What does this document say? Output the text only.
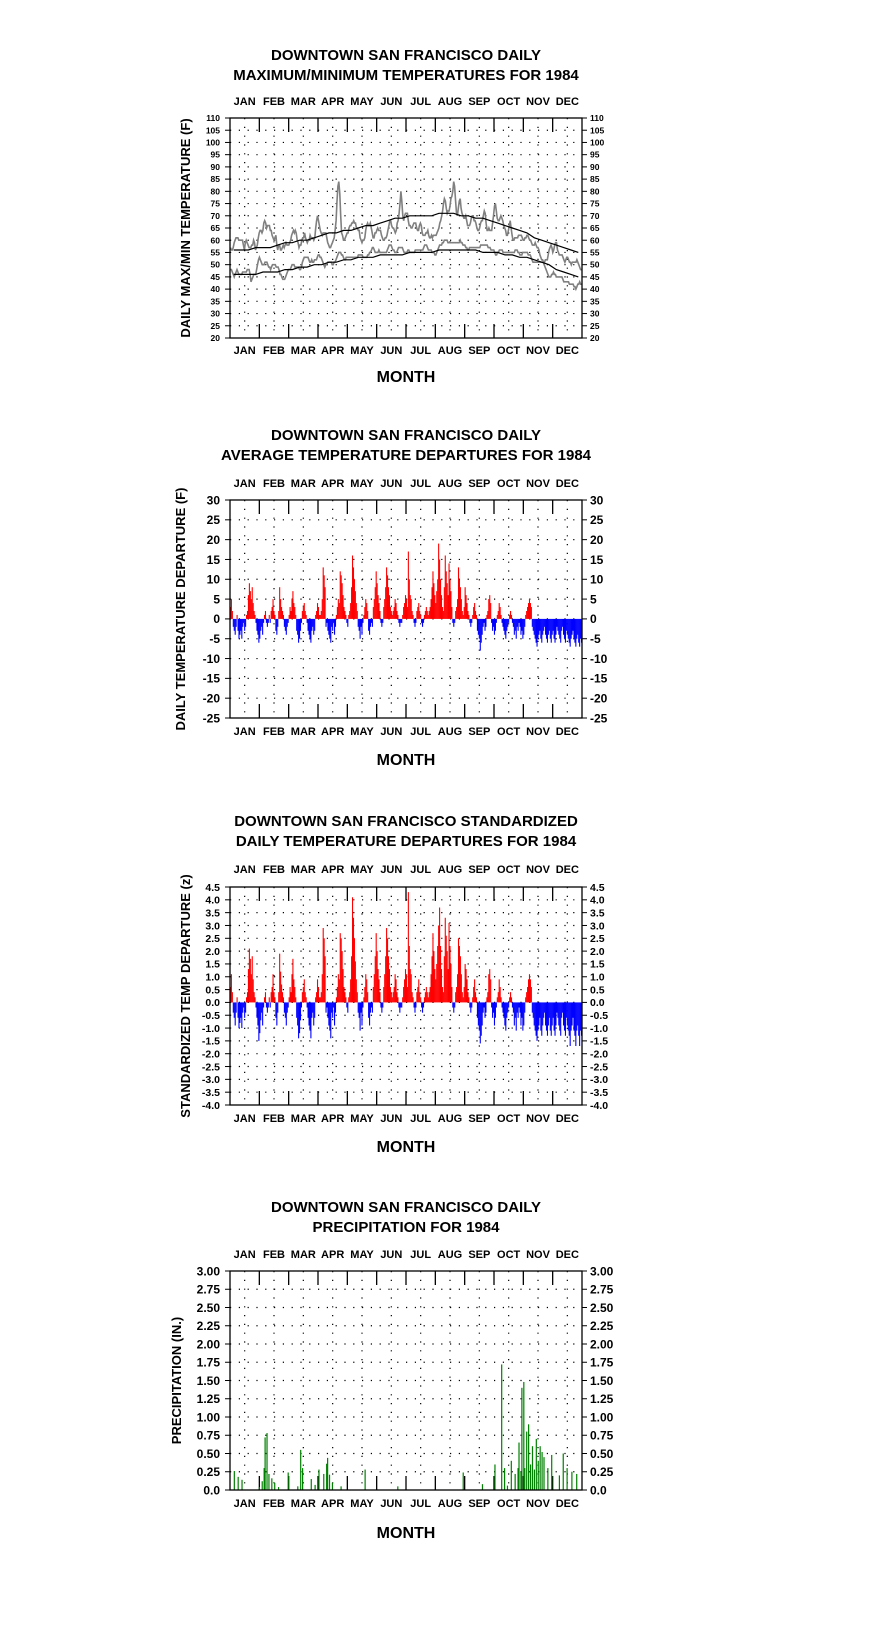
DOWNTOWN SAN FRANCISCO DAILY
MAXIMUM/MINIMUM TEMPERATURES FOR 1984
DAILY MAX/MIN TEMPERATURE (F)
MONTH
JAN
JAN
FEB
FEB
MAR
MAR
APR
APR
MAY
MAY
JUN
JUN
JUL
JUL
AUG
AUG
SEP
SEP
OCT
OCT
NOV
NOV
DEC
DEC
20	20
25	25
30	30
35	35
40	40
45	45
50	50
55	55
60	60
65	65
70	70
75	75
80	80
85	85
90	90
95	95
100	100
105	105
110	110
DOWNTOWN SAN FRANCISCO DAILY
AVERAGE TEMPERATURE DEPARTURES FOR 1984
DAILY TEMPERATURE DEPARTURE (F)
MONTH
JAN
JAN
FEB
FEB
MAR
MAR
APR
APR
MAY
MAY
JUN
JUN
JUL
JUL
AUG
AUG
SEP
SEP
OCT
OCT
NOV
NOV
DEC
DEC
-25	-25
-20	-20
-15	-15
-10	-10
-5	-5
0	0
5	5
10	10
15	15
20	20
25	25
30	30
DOWNTOWN SAN FRANCISCO STANDARDIZED
DAILY TEMPERATURE DEPARTURES FOR 1984
STANDARDIZED TEMP DEPARTURE (z)
MONTH
JAN
JAN
FEB
FEB
MAR
MAR
APR
APR
MAY
MAY
JUN
JUN
JUL
JUL
AUG
AUG
SEP
SEP
OCT
OCT
NOV
NOV
DEC
DEC
-4.0	-4.0
-3.5	-3.5
-3.0	-3.0
-2.5	-2.5
-2.0	-2.0
-1.5	-1.5
-1.0	-1.0
-0.5	-0.5
0.0	0.0
0.5	0.5
1.0	1.0
1.5	1.5
2.0	2.0
2.5	2.5
3.0	3.0
3.5	3.5
4.0	4.0
4.5	4.5
DOWNTOWN SAN FRANCISCO DAILY
PRECIPITATION FOR 1984
PRECIPITATION (IN.)
MONTH
JAN
JAN
FEB
FEB
MAR
MAR
APR
APR
MAY
MAY
JUN
JUN
JUL
JUL
AUG
AUG
SEP
SEP
OCT
OCT
NOV
NOV
DEC
DEC
0.0	0.0
0.25	0.25
0.50	0.50
0.75	0.75
1.00	1.00
1.25	1.25
1.50	1.50
1.75	1.75
2.00	2.00
2.25	2.25
2.50	2.50
2.75	2.75
3.00	3.00
